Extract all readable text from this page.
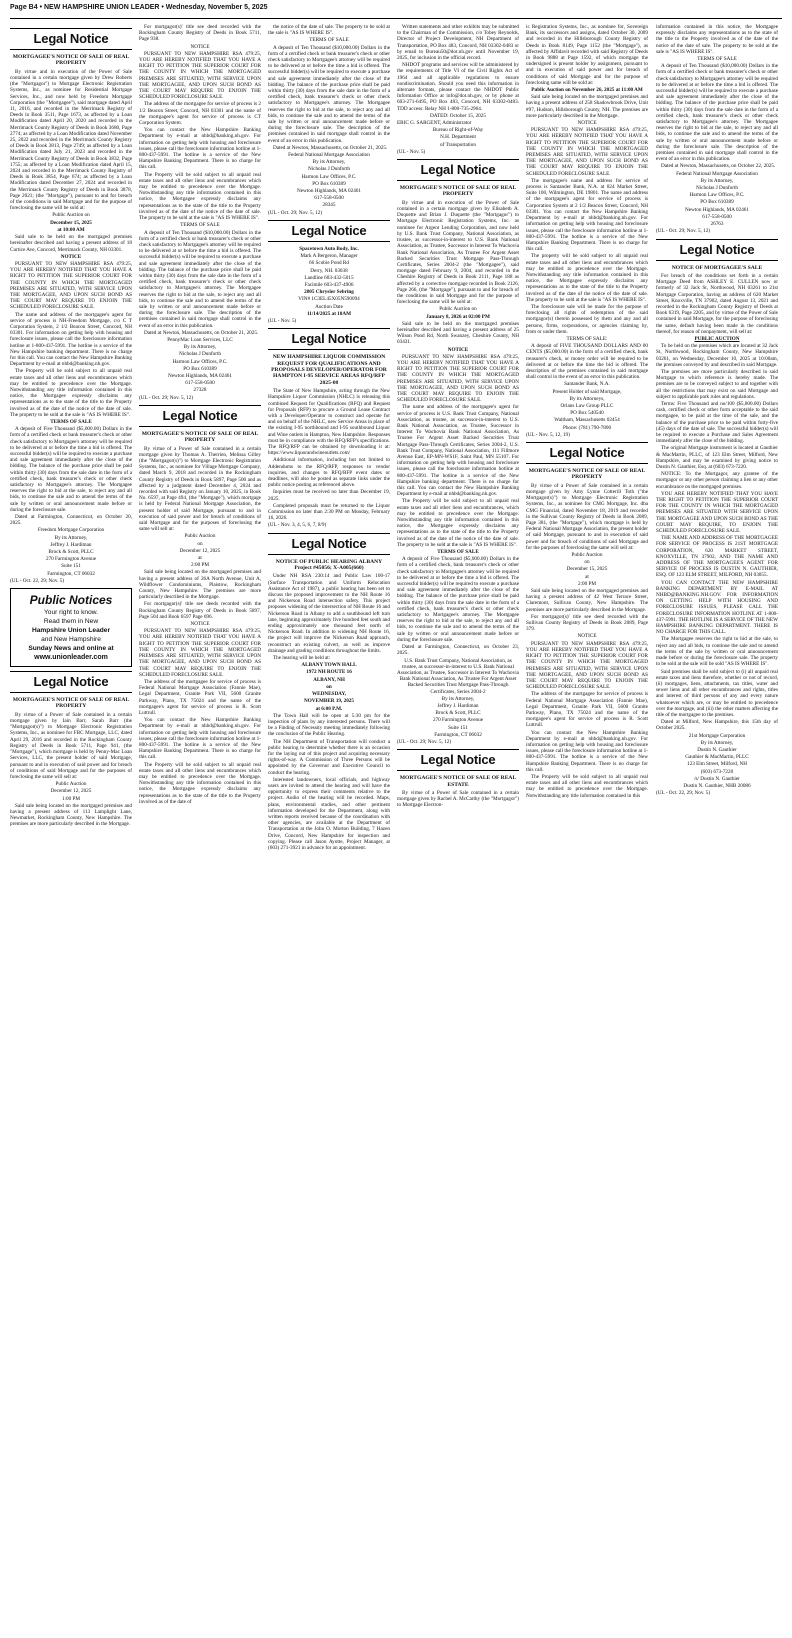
Page B4 • NEW HAMPSHIRE UNION LEADER • Wednesday, November 5, 2025
Legal Notice
MORTGAGEE'S NOTICE OF SALE OF REAL PROPERTY

By virtue and in execution of the Power of Sale contained in a certain mortgage given by Drew Roberts (the "Mortgagor") to Mortgage Electronic Registration Systems, Inc., as nominee for Residential Mortgage Services, Inc., and now held by Freedom Mortgage Corporation (the "Mortgagee"), said mortgage dated April 11, 2016, and recorded in the Merrimack Registry of Deeds in Book 3511, Page 1673, as affected by a Loan Modification dated April 20, 2020 and recorded in the Merrimack County Registry of Deeds in Book 3680, Page 2774; as affected by a Loan Modification dated November 25, 2022 and recorded in the Merrimack County Registry of Deeds in Book 3813, Page 2749; as affected by a Loan Modification dated July 21, 2023 and recorded in the Merrimack County Registry of Deeds in Book 3832, Page 1755; as affected by a Loan Modification dated April 15, 2024 and recorded in the Merrimack County Registry of Deeds in Book 3854, Page 674; as affected by a Loan Modification dated December 27, 2024 and recorded in the Merrimack County Registry of Deeds in Book 3878, Page 2021; (the "Mortgage"), pursuant to and for breach of the conditions in said Mortgage and for the purpose of foreclosing the same will be sold at:

Public Auction on

December 15, 2025

at 10:00 AM

Said sale to be held on the mortgaged premises hereinafter described and having a present address of 18 Curtice Ave, Concord, Merrimack County, NH 03301.

NOTICE

PURSUANT TO NEW HAMPSHIRE RSA 479:25, YOU ARE HEREBY NOTIFIED THAT YOU HAVE A RIGHT TO PETITION THE SUPERIOR COURT FOR THE COUNTY IN WHICH THE MORTGAGED PREMISES ARE SITUATED, WITH SERVICE UPON THE MORTGAGEE, AND UPON SUCH BOND AS THE COURT MAY REQUIRE TO ENJOIN THE SCHEDULED FORECLOSURE SALE.

The name and address of the mortgagee's agent for service of process is NH-Freedom Mortgage, c/o C T Corporation System, 2 1/2 Beacon Street, Concord, NH 03301. For information on getting help with housing and foreclosure issues, please call the foreclosure information hotline at 1-800-437-5991. The hotline is a service of the New Hampshire banking department. There is no charge for this call. You can contact the New Hampshire Banking Department by e-mail at nhbd@banking.nh.gov.

The Property will be sold subject to all unpaid real estate taxes and all other liens and encumbrances which may be entitled to precedence over the Mortgage. Notwithstanding any title information contained in this notice, the Mortgagee expressly disclaims any representations as to the state of the title to the Property involved as of the date of the notice of the date of sale. The property to be sold at the sale is "AS IS WHERE IS".

TERMS OF SALE

A deposit of Five Thousand ($5,000.00) Dollars in the form of a certified check or bank treasurer's check or other check satisfactory to Mortgagee's attorney will be required to be delivered at or before the time a bid is offered. The successful bidder(s) will be required to execute a purchase and sale agreement immediately after the close of the bidding. The balance of the purchase price shall be paid within thirty (30) days from the sale date in the form of a certified check, bank treasurer's check or other check satisfactory to Mortgagee's attorney. The Mortgagee reserves the right to bid at the sale, to reject any and all bids, to continue the sale and to amend the terms of the sale by written or oral announcement made before or during the foreclosure sale.

Dated at Farmington, Connecticut, on October 20, 2025.

Freedom Mortgage Corporation

By its Attorney,

Jeffrey J. Hardiman

Brock & Scott, PLLC

270 Farmington Avenue

Suite 151

Farmington, CT 06032

(UL - Oct. 22, 29; Nov. 5)

Public Notices
Your right to know.
Read them in New
Hampshire Union Leader
and New Hampshire
Sunday News and online at
www.unionleader.com
Legal Notice
MORTGAGEE'S NOTICE OF SALE OF REAL PROPERTY

By virtue of a Power of Sale contained in a certain mortgage given by Iain Barr, Sarah Barr (the "Mortgagor(s)") to Mortgage Electronic Registration Systems, Inc., as nominee for FBC Mortgage, LLC, dated April 29, 2016 and recorded in the Rockingham County Registry of Deeds in Book 5711, Page 941, (the "Mortgage"), which mortgage is held by Penny-Mac Loan Services, LLC, the present holder of said Mortgage, pursuant to and in execution of said power and for breach of conditions of said Mortgage and for the purposes of foreclosing the same will sell at:

Public Auction

December 12, 2025

1:00 PM

Said sale being located on the mortgaged premises and having a present address of 113 Lamplight Lane, Newmarket, Rockingham County, New Hampshire. The premises are more particularly described in the Mortgage.

For mortgagor(s)' title see deed recorded with the Rockingham County Registry of Deeds in Book 5711, Page 938.

NOTICE

PURSUANT TO NEW HAMPSHIRE RSA 479:25, YOU ARE HEREBY NOTIFIED THAT YOU HAVE A RIGHT TO PETITION THE SUPERIOR COURT FOR THE COUNTY IN WHICH THE MORTGAGED PREMISES ARE SITUATED, WITH SERVICE UPON THE MORTGAGEE, AND UPON SUCH BOND AS THE COURT MAY REQUIRE TO ENJOIN THE SCHEDULED FORECLOSURE SALE.

The address of the mortgagee for service of process is 2 1/2 Beacon Street, Concord, NH 03301 and the name of the mortgagee's agent for service of process is CT Corporation System.

You can contact the New Hampshire Banking Department by e-mail at nhbd@banking.nh.gov. For information on getting help with housing and foreclosure issues, please call the foreclosure information hotline at 1-800-437-5991. The hotline is a service of the New Hampshire Banking Department. There is no charge for this call.

The Property will be sold subject to all unpaid real estate taxes and all other liens and encumbrances which may be entitled to precedence over the Mortgage. Notwithstanding any title information contained in this notice, the Mortgagee expressly disclaims any representations as to the state of the title to the Property involved as of the date of the notice of the date of sale. The property to be sold at the sale is "AS IS WHERE IS".

TERMS OF SALE

A deposit of Ten Thousand ($10,000.00) Dollars in the form of a certified check or bank treasurer's check or other check satisfactory to Mortgagee's attorney will be required to be delivered at or before the time a bid is offered. The successful bidder(s) will be required to execute a purchase and sale agreement immediately after the close of the bidding. The balance of the purchase price shall be paid within thirty (30) days from the sale date in the form of a certified check, bank treasurer's check or other check satisfactory to Mortgagee's attorney. The Mortgagee reserves the right to bid at the sale, to reject any and all bids, to continue the sale and to amend the terms of the sale by written or oral announcement made before or during the foreclosure sale. The description of the premises contained in said mortgage shall control in the event of an error in this publication.

Dated at Newton, Massachusetts, on October 21, 2025.

PennyMac Loan Services, LLC

By its Attorney,

Nicholas J Dunforth

Harmon Law Offices, P.C.

PO Box 610389

Newton Highlands, MA 02461

617-558-0500

27328

(UL - Oct. 29; Nov. 5, 12)

Legal Notice
MORTGAGEE'S NOTICE OF SALE OF REAL PROPERTY

By virtue of a Power of Sale contained in a certain mortgage given by Thomas A. Therrien, Melissa Gilley (the "Mortgagor(s)") to Mortgage Electronic Registration Systems, Inc., as nominee for Village Mortgage Company, dated March 9, 2018 and recorded in the Rockingham County Registry of Deeds in Book 5897, Page 500 and as affected by a judgment dated December 4, 2024 and recorded with said Registry on January 10, 2025, in Book No. 6597, at Page 494, (the "Mortgage"), which mortgage is held by Federal National Mortgage Association, the present holder of said Mortgage, pursuant to and in execution of said power and for breach of conditions of said Mortgage and for the purposes of foreclosing the same will sell at:

Public Auction

on

December 12, 2025

at

2:00 PM

Said sale being located on the mortgaged premises and having a present address of 26A North Avenue, Unit A, Wildflower Condominiums, Plaistow, Rockingham County, New Hampshire. The premises are more particularly described in the Mortgage.

For mortgagor(s)' title see deeds recorded with the Rockingham County Registry of Deeds in Book 5897, Page 504 and Book 6597 Page 696.

NOTICE

PURSUANT TO NEW HAMPSHIRE RSA 479:25, YOU ARE HEREBY NOTIFIED THAT YOU HAVE A RIGHT TO PETITION THE SUPERIOR COURT FOR THE COUNTY IN WHICH THE MORTGAGED PREMISES ARE SITUATED, WITH SERVICE UPON THE MORTGAGEE, AND UPON SUCH BOND AS THE COURT MAY REQUIRE TO ENJOIN THE SCHEDULED FORECLOSURE SALE.

The address of the mortgagee for service of process is Federal National Mortgage Association (Fannie Mae), Legal Department, Granite Park VII, 5600 Granite Parkway, Plano, TX 75024 and the name of the mortgagee's agent for service of process is R. Scott Luttrull.

You can contact the New Hampshire Banking Department by e-mail at nhbd@banking.nh.gov. For information on getting help with housing and foreclosure issues, please call the foreclosure information hotline at 1-800-437-5991. The hotline is a service of the New Hampshire Banking Department. There is no charge for this call.

The Property will be sold subject to all unpaid real estate taxes and all other liens and encumbrances which may be entitled to precedence over the Mortgage. Notwithstanding any title information contained in this notice, the Mortgagee expressly disclaims any representations as to the state of the title to the Property involved as of the date of

the notice of the date of sale. The property to be sold at the sale is "AS IS WHERE IS".

TERMS OF SALE

A deposit of Ten Thousand ($10,000.00) Dollars in the form of a certified check or bank treasurer's check or other check satisfactory to Mortgagee's attorney will be required to be delivered at or before the time a bid is offered. The successful bidder(s) will be required to execute a purchase and sale agreement immediately after the close of the bidding. The balance of the purchase price shall be paid within thirty (30) days from the sale date in the form of a certified check, bank treasurer's check or other check satisfactory to Mortgagee's attorney. The Mortgagee reserves the right to bid at the sale, to reject any and all bids, to continue the sale and to amend the terms of the sale by written or oral announcement made before or during the foreclosure sale. The description of the premises contained in said mortgage shall control in the event of an error in this publication.

Dated at Newton, Massachusetts, on October 21, 2025.

Federal National Mortgage Association

By its Attorney,

Nicholas J Dunforth

Harmon Law Offices, P.C.

PO Box 610389

Newton Highlands, MA 02461

617-558-0500

28345

(UL - Oct. 29; Nov. 5, 12)

Legal Notice

Spacetown Auto Body, Inc.

Mark A Bergeron, Manager

66 Scobie Pond Rd

Derry, NH. 03038

Landline 603-432-5015

Facimile 603-437-4906

2005 Chrysler Sebring

VIN# 1C3EL45X05N590094

Auction Date

11/14/2025 at 10AM

(UL - Nov. 5)

Legal Notice
NEW HAMPSHIRE LIQUOR COMMISSION REQUEST FOR QUALIFICATIONS AND PROPOSALS DEVELOPER/OPERATOR FOR HAMPTON I-95 SERVICE AREAS RFQ/RFP 2025-08

The State of New Hampshire, acting through the New Hampshire Liquor Commission (NHLC) is releasing this combined Request for Qualifications (RFQ) and Request for Proposals (RFP) to procure a Ground Lease Contract with a Developer/Operator to construct and operate for and on behalf of the NHLC, new Service Areas in place of the existing I-95 northbound and I-95 southbound Liquor and Wine outlets in Hampton, New Hampshire. Responses must be in compliance with the RFQ/RFP's specifications. The RFQ/RFP can be obtained by downloading it at: https://www.liquorandwineoutlets.com/

Additional information, including but not limited to Addendums to the RFQ/RFP, responses to vendor inquiries, and changes to RFQ/RFP event dates or deadlines, will also be posted as separate links under the public notice posting as referenced above.

Inquiries must be received no later than December 19, 2025.

Completed proposals must be returned to the Liquor Commission no later than 2:30 PM on Monday, February 16, 2026.

(UL - Nov. 3, 4, 5, 6, 7, 8/9)

Legal Notice
NOTICE OF PUBLIC HEARING ALBANY Project #45056; X-A005(660)

Under NH RSA 230:14 and Public Law 100-17 (Surface Transportation and Uniform Relocation Assistance Act of 1987), a public hearing has been set to discuss the proposed improvement to the NH Route 16 and Nickerson Road intersection safety. This project proposes widening of the intersection of NH Route 16 and Nickerson Road in Albany to add a southbound left turn lane, beginning approximately five hundred feet south and ending approximately one thousand feet north of Nickerson Road. In addition to widening NH Route 16, the project will improve the Nickerson Road approach, reconstruct an existing culvert, as well as improve drainage and grading conditions throughout the limits.

The hearing will be held at:

ALBANY TOWN HALL

1972 NH ROUTE 16

ALBANY, NH

on

WEDNESDAY,

NOVEMBER 19, 2025

at 6:00 P.M.

The Town Hall will be open at 5:30 pm for the inspection of plans by any interested persons. There will be a Finding of Necessity meeting immediately following the conclusion of the Public Hearing.

The NH Department of Transportation will conduct a public hearing to determine whether there is an occasion for the laying out of this project and acquiring necessary rights-of-way. A Commission of Three Persons will be appointed by the Governor and Executive Council to conduct the hearing.

Interested landowners, local officials, and highway users are invited to attend the hearing and will have the opportunity to express their comments relative to the project. Audio of the hearing will be recorded. Maps, plans, environmental studies, and other pertinent information developed for the Department, along with written reports received because of the coordination with other agencies, are available at the Department of Transportation at the John O. Morton Building, 7 Hazen Drive, Concord, New Hampshire for inspection and copying. Please call Jason Ayotte, Project Manager, at (603) 271-3921 in advance for an appointment.

Written statements and other exhibits may be submitted to the Chairman of the Commission, c/o Tobey Reynolds, Director of Project Development, NH Department of Transportation, PO Box 483, Concord, NH 03302-0483 or by email to Bureau50@dot.nh.gov until November 19, 2025, for inclusion in the official record.

NHDOT programs and services will be administered by the requirements of Title VI of the Civil Rights Act of 1964 and all applicable regulations to ensure nondiscrimination. Should you need this information in alternate formats, please contact the NHDOT Public Information Office at info@dot.nh.gov, or by phone at 603-271-6495, PO Box 483, Concord, NH 03302-0483. TDD access: Relay NH 1-800-735-2964.

DATED: October 15, 2025

ERIC G. SARGENT, Administrator

Bureau of Right-of-Way

N.H. Department

of Transportation

(UL - Nov. 5)

Legal Notice
MORTGAGEE'S NOTICE OF SALE OF REAL PROPERTY

By virtue and in execution of the Power of Sale contained in a certain mortgage given by Elisabeth A. Duquette and Brian J. Duquette (the "Mortgagor") to Mortgage Electronic Registration Systems, Inc. as nominee for Argent Lending Corporation, and now held by U.S. Bank Trust Company, National Association, as trustee, as successor-in-interest to U.S. Bank National Association, as Trustee, Successor in Interest To Wachovia Bank National Association, As Trustee For Argent Asset Backed Securities Trust Mortgage Pass-Through Certificates, Series 2004-2 (the "Mortgagee"), said mortgage dated February 9, 2004, and recorded in the Cheshire Registry of Deeds in Book 2111, Page 188 as affected by a corrective mortgage recorded in Book 2126, Page 266, (the "Mortgage"), pursuant to and for breach of the conditions in said Mortgage and for the purpose of foreclosing the same will be sold at:

Public Auction on

January 8, 2026 at 02:00 PM

Said sale to be held on the mortgaged premises hereinafter described and having a present address of 25 Wilson Pond Rd, North Swanzey, Cheshire County, NH 03431.

NOTICE

PURSUANT TO NEW HAMPSHIRE RSA 479:25, YOU ARE HEREBY NOTIFIED THAT YOU HAVE A RIGHT TO PETITION THE SUPERIOR COURT FOR THE COUNTY IN WHICH THE MORTGAGED PREMISES ARE SITUATED, WITH SERVICE UPON THE MORTGAGEE, AND UPON SUCH BOND AS THE COURT MAY REQUIRE TO ENJOIN THE SCHEDULED FORECLOSURE SALE.

The name and address of the mortgagee's agent for service of process is U.S. Bank Trust Company, National Association, as trustee, as successor-in-interest to U.S. Bank National Association, as Trustee, Successor in Interest To Wachovia Bank National Association, As Trustee For Argent Asset Backed Securities Trust Mortgage Pass-Through Certificates, Series 2004-2, U.S. Bank Trust Company, National Association, 111 Fillmore Avenue East, EP-MN-WS1F, Saint Paul, MN 55107. For information on getting help with housing and foreclosure issues, please call the foreclosure information hotline at 800-437-5991. The hotline is a service of the New Hampshire banking department. There is no charge for this call. You can contact the New Hampshire Banking Department by e-mail at nhbd@banking.nh.gov.

The Property will be sold subject to all unpaid real estate taxes and all other liens and encumbrances, which may be entitled to precedence over the Mortgage. Notwithstanding any title information contained in this notice, the Mortgagee expressly disclaims any representations as to the state of the title to the Property involved as of the date of the notice of the date of sale. The property to be sold at the sale is "AS IS WHERE IS".

TERMS OF SALE

A deposit of Five Thousand ($5,000.00) Dollars in the form of a certified check, bank treasurer's check or other check satisfactory to Mortgagee's attorney will be required to be delivered at or before the time a bid is offered. The successful bidder(s) will be required to execute a purchase and sale agreement immediately after the close of the bidding. The balance of the purchase price shall be paid within thirty (30) days from the sale date in the form of a certified check, bank treasurer's check or other check satisfactory to Mortgagee's attorney. The Mortgagee reserves the right to bid at the sale, to reject any and all bids, to continue the sale and to amend the terms of the sale by written or oral announcement made before or during the foreclosure sale.

Dated at Farmington, Connecticut, on October 23, 2025.

U.S. Bank Trust Company, National Association, as trustee, as successor-in-interest to U.S. Bank National Association, as Trustee, Successor in Interest To Wachovia Bank National Association, As Trustee For Argent Asset Backed Securities Trust Mortgage Pass-Through Certificates, Series 2004-2

By its Attorney,

Jeffrey J. Hardiman

Brock & Scott, PLLC

270 Farmington Avenue

Suite 151

Farmington, CT 06032

(UL - Oct. 29; Nov. 5, 12)

Legal Notice
MORTGAGEE'S NOTICE OF SALE OF REAL ESTATE

By virtue of a Power of Sale contained in a certain mortgage given by Rachel A. McCarthy (the "Mortgagor") to Mortgage Electron-

ic Registration Systems, Inc., as nominee for, Sovereign Bank, its successors and assigns, dated October 30, 2009 and recorded in the Hillsborough County Registry of Deeds in Book 8149, Page 1152 (the "Mortgage"), as affected by Affidavit recorded with said Registry of Deeds in Book 9888 at Page 1592, of which mortgage the undersigned is present holder by assignment, pursuant to and in execution of said power and for breach of conditions of said Mortgage and for the purpose of foreclosing same will be sold at:

Public Auction on November 26, 2025 at 11:00 AM

Said sale being located on the mortgaged premises and having a present address of 258 Shadowbrook Drive, Unit #97, Hudson, Hillsborough County, NH. The premises are more particularly described in the Mortgage.

NOTICE

PURSUANT TO NEW HAMPSHIRE RSA 479:25, YOU ARE HEREBY NOTIFIED THAT YOU HAVE A RIGHT TO PETITION THE SUPERIOR COURT FOR THE COUNTY IN WHICH THE MORTGAGED PREMISES ARE SITUATED, WITH SERVICE UPON THE MORTGAGEE, AND UPON SUCH BOND AS THE COURT MAY REQUIRE TO ENJOIN THE SCHEDULED FORECLOSURE SALE.

The mortgagee's name and address for service of process is Santander Bank, N.A. at 824 Market Street, Suite 100, Wilmington, DE 19801. The name and address of the mortgagee's agent for service of process is Corporation System at 2 1/2 Beacon Street, Concord, NH 03301. You can contact the New Hampshire Banking Department by e-mail at nhbd@banking.nh.gov. For information on getting help with housing and foreclosure issues, please call the foreclosure information hotline at 1-800-437-5991. The hotline is a service of the New Hampshire Banking Department. There is no charge for this call.

The property will be sold subject to all unpaid real estate taxes and all other liens and encumbrances which may be entitled to precedence over the Mortgage. Notwithstanding any title information contained in this notice, the Mortgagee expressly disclaims any representations as to the state of the title to the Property involved as of the date of the notice of the date of sale. The property to be sold at the sale is "AS IS WHERE IS".

The foreclosure sale will be made for the purpose of foreclosing all rights of redemption of the said mortgagor(s) therein possessed by them and any and all persons, firms, corporations, or agencies claiming by, from or under them.

TERMS OF SALE:

A deposit of FIVE THOUSAND DOLLARS AND 00 CENTS ($5,000.00) in the form of a certified check, bank treasurer's check, or money order will be required to be delivered at or before the time the bid is offered. The description of the premises contained in said mortgage shall control in the event of an error in this publication.

Santander Bank, N.A.

Present Holder of said Mortgage,

By its Attorneys,

Orlans Law Group PLLC

PO Box 540540

Waltham, Massachusetts 02454

Phone: (781) 790-7800

(UL - Nov. 5, 12, 19)

Legal Notice
MORTGAGEE'S NOTICE OF SALE OF REAL PROPERTY

By virtue of a Power of Sale contained in a certain mortgage given by Amy Lynne Cotterill Toth ("the Mortgagor(s)") to Mortgage Electronic Registration Systems, Inc., as nominee for CMG Mortgage, Inc. dba CMG Financial, dated November 18, 2019 and recorded in the Sullivan County Registry of Deeds in Book 2089, Page 381, (the "Mortgage"), which mortgage is held by Federal National Mortgage Association, the present holder of said Mortgage, pursuant to and in execution of said power and for breach of conditions of said Mortgage and for the purposes of foreclosing the same will sell at:

Public Auction

on

December 15, 2025

at

2:00 PM

Said sale being located on the mortgaged premises and having a present address of 42 West Terrace Street, Claremont, Sullivan County, New Hampshire. The premises are more particularly described in the Mortgage.

For mortgagor(s)' title see deed recorded with the Sullivan County Registry of Deeds in Book 2089, Page 379.

NOTICE

PURSUANT TO NEW HAMPSHIRE RSA 479:25, YOU ARE HEREBY NOTIFIED THAT YOU HAVE A RIGHT TO PETITION THE SUPERIOR COURT FOR THE COUNTY IN WHICH THE MORTGAGED PREMISES ARE SITUATED, WITH SERVICE UPON THE MORTGAGEE, AND UPON SUCH BOND AS THE COURT MAY REQUIRE TO ENJOIN THE SCHEDULED FORECLOSURE SALE.

The address of the mortgagee for service of process is Federal National Mortgage Association (Fannie Mae), Legal Department, Granite Park VII, 5600 Granite Parkway, Plano, TX 75024 and the name of the mortgagee's agent for service of process is R. Scott Luttrull.

You can contact the New Hampshire Banking Department by e-mail at nhbd@banking.nh.gov. For information on getting help with housing and foreclosure issues, please call the foreclosure information hotline at 1-800-437-5991. The hotline is a service of the New Hampshire Banking Department. There is no charge for this call.

The Property will be sold subject to all unpaid real estate taxes and all other liens and encumbrances which may be entitled to precedence over the Mortgage. Notwithstanding any title information contained in this

information contained in this notice, the Mortgagee expressly disclaims any representations as to the state of the title to the Property involved as of the date of the notice of the date of sale. The property to be sold at the sale is "AS IS WHERE IS".

TERMS OF SALE

A deposit of Ten Thousand ($10,000.00) Dollars in the form of a certified check or bank treasurer's check or other check satisfactory to Mortgagee's attorney will be required to be delivered at or before the time a bid is offered. The successful bidder(s) will be required to execute a purchase and sale agreement immediately after the close of the bidding. The balance of the purchase price shall be paid within thirty (30) days from the sale date in the form of a certified check, bank treasurer's check or other check satisfactory to Mortgagee's attorney. The Mortgagee reserves the right to bid at the sale, to reject any and all bids, to continue the sale and to amend the terms of the sale by written or oral announcement made before or during the foreclosure sale. The description of the premises contained in said mortgage shall control in the event of an error in this publication.

Dated at Newton, Massachusetts, on October 22, 2025.

Federal National Mortgage Association

By its Attorney,

Nicholas J Dunforth

Harmon Law Offices, P.C.

PO Box 610389

Newton Highlands, MA 02461

617-558-0500

26763

(UL - Oct. 29; Nov. 5, 12)

Legal Notice
NOTICE OF MORTGAGEE'S SALE

For breach of the conditions set forth in a certain Mortgage Deed from ASHLEY E. CULLEN now or formerly of 32 Jack St, Northwood, NH 03261 to 21st Mortgage Corporation, having an address of 620 Market Street, Knoxville, TN 37902, dated August 13, 2021 and recorded in the Rockingham County Registry of Deeds at Book 6319, Page 2205, and by virtue of the Power of Sale contained in said Mortgage, for the purpose of foreclosing the same, default having been made in the conditions thereof, for reason of nonpayment, will sell at:

PUBLIC AUCTION

To be held on the premises which are located at 32 Jack St, Northwood, Rockingham County, New Hampshire 03261, on Wednesday, December 10, 2025 at 10:00am, the premises conveyed by and described in said Mortgage.

The premises are more particularly described in said Mortgage to which reference is hereby made. The premises are to be conveyed subject to and together with all the restrictions that may exist on said Mortgage and subject to applicable park rules and regulations.

Terms: Five Thousand and no/100 ($5,000.00) Dollars cash, certified check or other form acceptable to the said mortgagee, to be paid at the time of the sale, and the balance of the purchase price to be paid within forty-five (45) days of the date of sale. The successful bidder(s) will be required to execute a Purchase and Sales Agreement immediately after the close of the bidding.

The original Mortgage instrument is located at Gauthier & MacMartin, PLLC, of 123 Elm Street, Milford, New Hampshire, and may be examined by giving notice to Dustin N. Gauthier, Esq. at (603) 673-7220.

NOTICE: To the Mortgagor, any grantee of the mortgagor or any other person claiming a lien or any other encumbrance on the mortgaged premises.

YOU ARE HEREBY NOTIFIED THAT YOU HAVE THE RIGHT TO PETITION THE SUPERIOR COURT FOR THE COUNTY IN WHICH THE MORTGAGED PREMISES ARE SITUATED WITH SERVICE UPON THE MORTGAGEE AND UPON SUCH BOND AS THE COURT MAY REQUIRE, TO ENJOIN THE SCHEDULED FORECLOSURE SALE.

THE NAME AND ADDRESS OF THE MORTGAGEE FOR SERVICE OF PROCESS IS 21ST MORTGAGE CORPORATION, 620 MARKET STREET, KNOXVILLE, TN 37902, AND THE NAME AND ADDRESS OF THE MORTGAGEE'S AGENT FOR SERVICE OF PROCESS IS DUSTIN N. GAUTHIER, ESQ. OF 123 ELM STREET, MILFORD, NH 03055.

YOU CAN CONTACT THE NEW HAMPSHIRE BANKING DEPARTMENT BY E-MAIL AT NHBD@BANKING.NH.GOV. FOR INFORMATION ON GETTING HELP WITH HOUSING AND FORECLOSURE ISSUES, PLEASE CALL THE FORECLOSURE INFORMATION HOTLINE AT 1-800-437-5991. THE HOTLINE IS A SERVICE OF THE NEW HAMPSHIRE BANKING DEPARTMENT. THERE IS NO CHARGE FOR THIS CALL.

The Mortgagee reserves the right to bid at the sale, to reject any and all bids, to continue the sale and to amend the terms of the sale by written or oral announcement made before or during the foreclosure sale. The property to be sold at the sale will be sold "AS IS WHERE IS".

Said premises shall be sold subject to (i) all unpaid real estate taxes and liens therefore, whether or not of record, (ii) mortgages, liens, attachments, tax titles, water and sewer liens and all other encumbrances and rights, titles and interest of third persons of any and every nature whatsoever which are, or may be entitled to precedence over the mortgage, and (iii) the other matters affecting the title of the mortgagee to the premises.

Dated at Milford, New Hampshire, this 15th day of October 2025.

21st Mortgage Corporation

By its Attorney,

Dustin N. Gauthier

Gauthier & MacMartin, PLLC

123 Elm Street, Milford, NH

(603) 673-7220

/s/ Dustin N. Gauthier

Dustin N. Gauthier, NHB 20086

(UL - Oct. 22, 29; Nov. 5)
